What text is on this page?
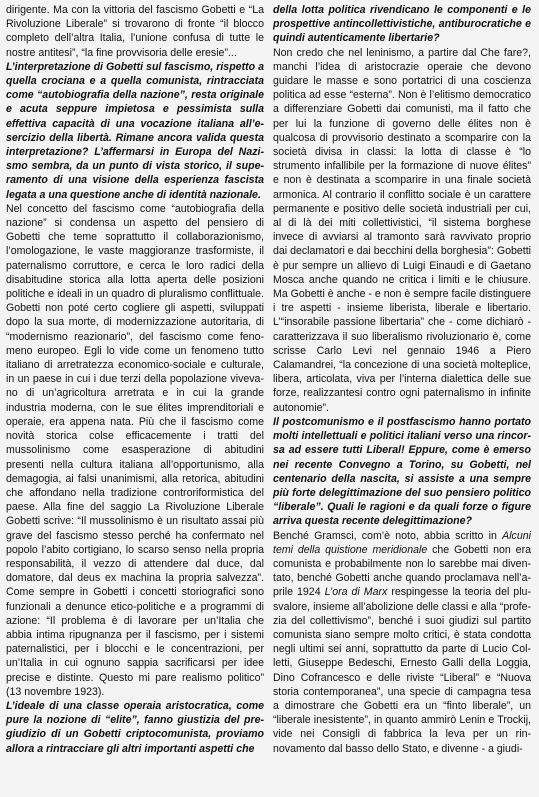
dirigente. Ma con la vittoria del fascismo Gobetti e “La Rivoluzione Liberale” si trovarono di fronte “il blocco completo dell’altra Italia, l’unione confusa di tutte le nostre antitesi”, “la fine provvisoria delle eresie”...

L’interpretazione di Gobetti sul fascismo, rispetto a quella crociana e a quella comunista, rintracciata come “autobiografia della nazione”, resta originale e acuta seppure impietosa e pessimista sulla effettiva capacità di una vocazione italiana all’esercizio della libertà. Rimane ancora valida questa interpretazione? L’affermarsi in Europa del Nazismo sembra, da un punto di vista storico, il superamento di una visione della esperienza fascista legata a una questione anche di identità nazionale.

Nel concetto del fascismo come “autobiografia della nazione” si condensa un aspetto del pensiero di Gobetti che teme soprattutto il collaborazionismo, l’omologazione, le vaste maggioranze trasformiste, il paternalismo corruttore, e cerca le loro radici della disabitudine storica alla lotta aperta delle posizioni politiche e ideali in un quadro di pluralismo conflittuale. Gobetti non poté certo cogliere gli aspetti, sviluppati dopo la sua morte, di modernizzazione autoritaria, di “modernismo reazionario”, del fascismo come fenomeno europeo. Egli lo vide come un fenomeno tutto italiano di arretratezza economico-sociale e culturale, in un paese in cui i due terzi della popolazione vivevano di un’agricoltura arretrata e in cui la grande industria moderna, con le sue élites imprenditoriali e operaie, era appena nata. Più che il fascismo come novità storica colse efficacemente i tratti del mussolinismo come esasperazione di abitudini presenti nella cultura italiana all’opportunismo, alla demagogia, ai falsi unanimismi, alla retorica, abitudini che affondano nella tradizione controriformistica del paese. Alla fine del saggio La Rivoluzione Liberale Gobetti scrive: “Il mussolinismo è un risultato assai più grave del fascismo stesso perché ha confermato nel popolo l’abito cortigiano, lo scarso senso nella propria responsabilità, il vezzo di attendere dal duce, dal domatore, dal deus ex machina la propria salvezza”. Come sempre in Gobetti i concetti storiografici sono funzionali a denunce etico-politiche e a programmi di azione: “Il problema è di lavorare per un’Italia che abbia intima ripugnanza per il fascismo, per i sistemi paternalistici, per i blocchi e le concentrazioni, per un’Italia in cui ognuno sappia sacrificarsi per idee precise e distinte. Questo mi pare realismo politico” (13 novembre 1923).

L’ideale di una classe operaia aristocratica, come pure la nozione di “elite”, fanno giustizia del pregiudizio di un Gobetti criptocomunista, proviamo allora a rintracciare gli altri importanti aspetti che

della lotta politica rivendicano le componenti e le prospettive antincollettivistiche, antiburocratiche e quindi autenticamente libertarie?

Non credo che nel leninismo, a partire dal Che fare?, manchi l’idea di aristocrazie operaie che devono guidare le masse e sono portatrici di una coscienza politica ad esse “esterna”. Non è l’elitismo democratico a differenziare Gobetti dai comunisti, ma il fatto che per lui la funzione di governo delle élites non è qualcosa di provvisorio destinato a scomparire con la società divisa in classi: la lotta di classe è “lo strumento infallibile per la formazione di nuove élites” e non è destinata a scomparire in una finale società armonica. Al contrario il conflitto sociale è un carattere permanente e positivo delle società industriali per cui, al di là dei miti collettivistici, “il sistema borghese invece di avviarsi al tramonto sarà ravvivato proprio dai declamatori e dai becchini della borghesia”: Gobetti è pur sempre un allievo di Luigi Einaudi e di Gaetano Mosca anche quando ne critica i limiti e le chiusure. Ma Gobetti è anche - e non è sempre facile distinguere i tre aspetti - insieme liberista, liberale e libertario. L’“insorabile passione libertaria” che - come dichiarò - caratterizzava il suo liberalismo rivoluzionario è, come scrisse Carlo Levi nel gennaio 1946 a Piero Calamandrei, “la concezione di una società molteplice, libera, articolata, viva per l’interna dialettica delle sue forze, realizzantesi contro ogni paternalismo in infinite autonomie”.

Il postcomunismo e il postfascismo hanno portato molti intellettuali e politici italiani verso una rincorsa ad essere tutti Liberal! Eppure, come è emerso nei recente Convegno a Torino, su Gobetti, nel centenario della nascita, si assiste a una sempre più forte delegittimazione del suo pensiero politico “liberale”. Quali le ragioni e da quali forze o figure arriva questa recente delegittimazione?

Benché Gramsci, com’è noto, abbia scritto in Alcuni temi della quistione meridionale che Gobetti non era comunista e probabilmente non lo sarebbe mai diventato, benché Gobetti anche quando proclamava nell’aprile 1924 L’ora di Marx respingesse la teoria del plusvalore, insieme all’abolizione delle classi e alla “profezia del collettivismo”, benché i suoi giudizi sul partito comunista siano sempre molto critici, è stata condotta negli ultimi sei anni, soprattutto da parte di Lucio Colletti, Giuseppe Bedeschi, Ernesto Galli della Loggia, Dino Cofrancesco e delle riviste “Liberal” e “Nuova storia contemporanea”, una specie di campagna tesa a dimostrare che Gobetti era un “finto liberale”, un “liberale inesistente”, in quanto ammirò Lenin e Trockij, vide nei Consigli di fabbrica la leva per un rinnovamento dal basso dello Stato, e divenne - a giudi-
